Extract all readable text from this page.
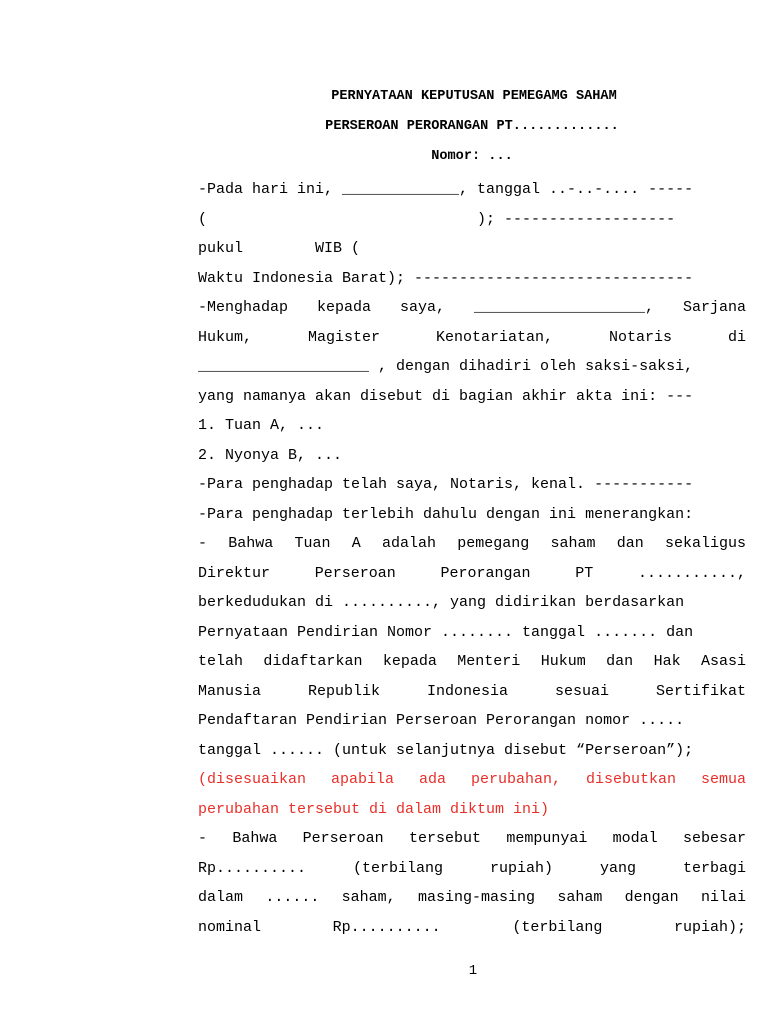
PERNYATAAN KEPUTUSAN PEMEGAMG SAHAM
PERSEROAN PERORANGAN PT.............
Nomor: ...
-Pada hari ini, _____________, tanggal ..-..-.... -----
(                              ); -------------------
pukul        WIB (
Waktu Indonesia Barat); -------------------------------
-Menghadap kepada saya, ___________________, Sarjana
Hukum, Magister Kenotariatan, Notaris di
___________________ , dengan dihadiri oleh saksi-saksi,
yang namanya akan disebut di bagian akhir akta ini: ---
1. Tuan A, ...
2. Nyonya B, ...
-Para penghadap telah saya, Notaris, kenal. -----------
-Para penghadap terlebih dahulu dengan ini menerangkan:
- Bahwa Tuan A adalah pemegang saham dan sekaligus
Direktur Perseroan Perorangan PT ...........,
berkedudukan di .........., yang didirikan berdasarkan
Pernyataan Pendirian Nomor ........ tanggal ....... dan
telah didaftarkan kepada Menteri Hukum dan Hak Asasi
Manusia Republik Indonesia sesuai Sertifikat
Pendaftaran Pendirian Perseroan Perorangan nomor .....
tanggal ...... (untuk selanjutnya disebut “Perseroan”);
(disesuaikan apabila ada perubahan, disebutkan semua
perubahan tersebut di dalam diktum ini)
- Bahwa Perseroan tersebut mempunyai modal sebesar
Rp.......... (terbilang rupiah) yang terbagi
dalam ...... saham, masing-masing saham dengan nilai
nominal Rp.......... (terbilang rupiah);
1
